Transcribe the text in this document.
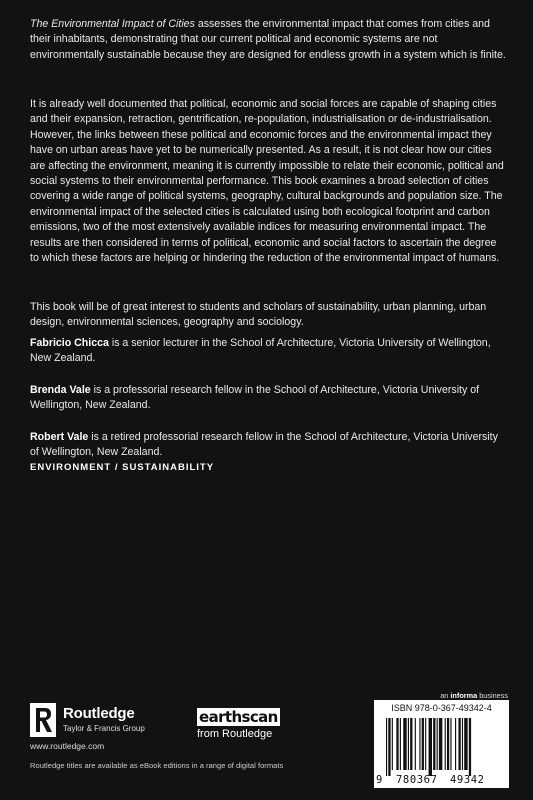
The Environmental Impact of Cities assesses the environmental impact that comes from cities and their inhabitants, demonstrating that our current political and economic systems are not environmentally sustainable because they are designed for endless growth in a system which is finite.

It is already well documented that political, economic and social forces are capable of shaping cities and their expansion, retraction, gentrification, re-population, industrialisation or de-industrialisation. However, the links between these political and economic forces and the environmental impact they have on urban areas have yet to be numerically presented. As a result, it is not clear how our cities are affecting the environment, meaning it is currently impossible to relate their economic, political and social systems to their environmental performance. This book examines a broad selection of cities covering a wide range of political systems, geography, cultural backgrounds and population size. The environmental impact of the selected cities is calculated using both ecological footprint and carbon emissions, two of the most extensively available indices for measuring environmental impact. The results are then considered in terms of political, economic and social factors to ascertain the degree to which these factors are helping or hindering the reduction of the environmental impact of humans.

This book will be of great interest to students and scholars of sustainability, urban planning, urban design, environmental sciences, geography and sociology.

Fabricio Chicca is a senior lecturer in the School of Architecture, Victoria University of Wellington, New Zealand.

Brenda Vale is a professorial research fellow in the School of Architecture, Victoria University of Wellington, New Zealand.

Robert Vale is a retired professorial research fellow in the School of Architecture, Victoria University of Wellington, New Zealand.

ENVIRONMENT / SUSTAINABILITY
Routledge
Taylor & Francis Group
www.routledge.com
earthscan
from Routledge
Routledge titles are available as eBook editions in a range of digital formats
an informa business
ISBN 978-0-367-49342-4
9 780367 49342
